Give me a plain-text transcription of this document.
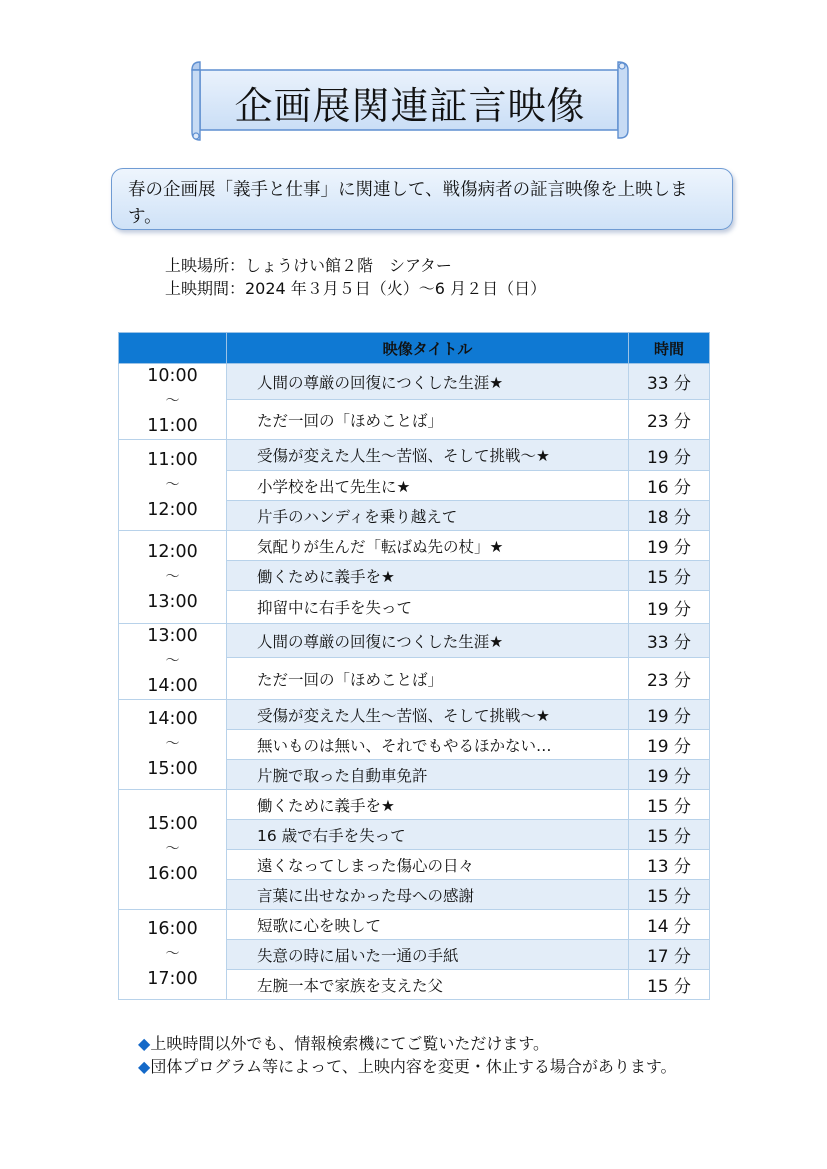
企画展関連証言映像
春の企画展「義手と仕事」に関連して、戦傷病者の証言映像を上映します。
上映場所：しょうけい館２階　シアター
上映期間：2024 年３月５日（火）～6 月２日（日）
	映像タイトル	時間

10:00
～
11:00	人間の尊厳の回復につくした生涯★	33 分
	ただ一回の「ほめことば」	23 分

11:00
～
12:00	受傷が変えた人生～苦悩、そして挑戦～★	19 分
	小学校を出て先生に★	16 分
	片手のハンディを乗り越えて	18 分

12:00
～
13:00	気配りが生んだ「転ばぬ先の杖」★	19 分
	働くために義手を★	15 分
	抑留中に右手を失って	19 分

13:00
～
14:00	人間の尊厳の回復につくした生涯★	33 分
	ただ一回の「ほめことば」	23 分

14:00
～
15:00	受傷が変えた人生～苦悩、そして挑戦～★	19 分
	無いものは無い、それでもやるほかない…	19 分
	片腕で取った自動車免許	19 分

15:00
～
16:00	働くために義手を★	15 分
	16 歳で右手を失って	15 分
	遠くなってしまった傷心の日々	13 分
	言葉に出せなかった母への感謝	15 分

16:00
～
17:00	短歌に心を映して	14 分
	失意の時に届いた一通の手紙	17 分
	左腕一本で家族を支えた父	15 分
◆上映時間以外でも、情報検索機にてご覧いただけます。
◆団体プログラム等によって、上映内容を変更・休止する場合があります。
